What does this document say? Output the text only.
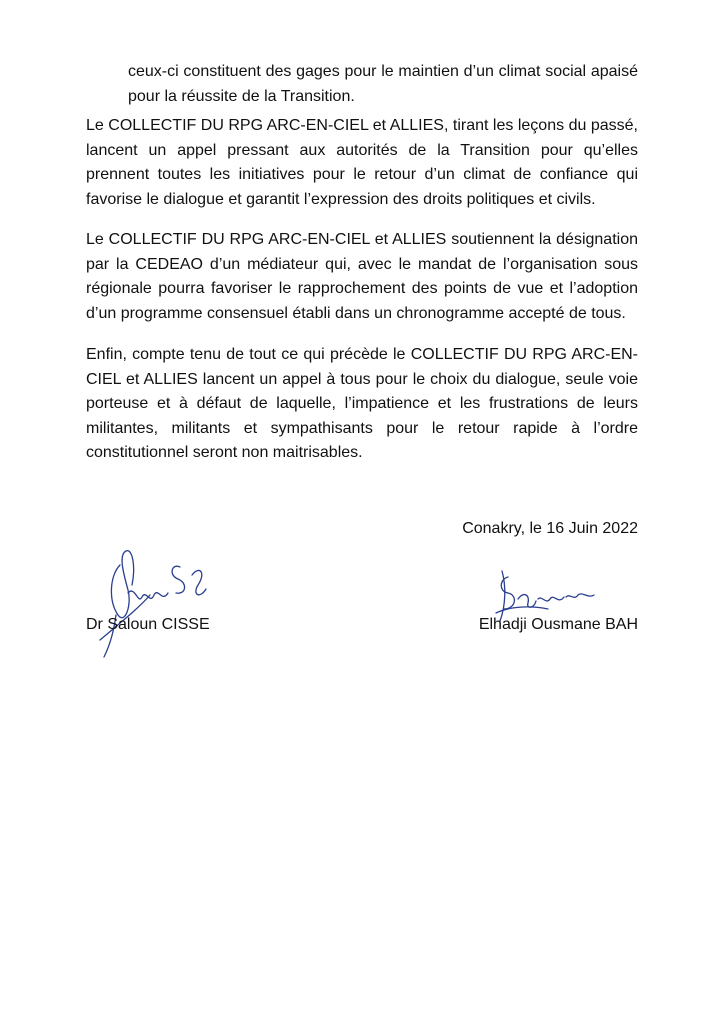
ceux-ci constituent des gages pour le maintien d’un climat social apaisé pour la réussite de la Transition.

Le COLLECTIF DU RPG ARC-EN-CIEL et ALLIES, tirant les leçons du passé, lancent un appel pressant aux autorités de la Transition pour qu’elles prennent toutes les initiatives pour le retour d’un climat de confiance qui favorise le dialogue et garantit l’expression des droits politiques et civils.

Le COLLECTIF DU RPG ARC-EN-CIEL et ALLIES soutiennent la désignation par la CEDEAO d’un médiateur qui, avec le mandat de l’organisation sous régionale pourra favoriser le rapprochement des points de vue et l’adoption d’un programme consensuel établi dans un chronogramme accepté de tous.

Enfin, compte tenu de tout ce qui précède le COLLECTIF DU RPG ARC-EN-CIEL et ALLIES lancent un appel à tous pour le choix du dialogue, seule voie porteuse et à défaut de laquelle, l’impatience et les frustrations de leurs militantes, militants et sympathisants pour le retour rapide à l’ordre constitutionnel seront non maitrisables.

Conakry, le 16 Juin 2022
Dr Saloun CISSE	Elhadji Ousmane BAH
